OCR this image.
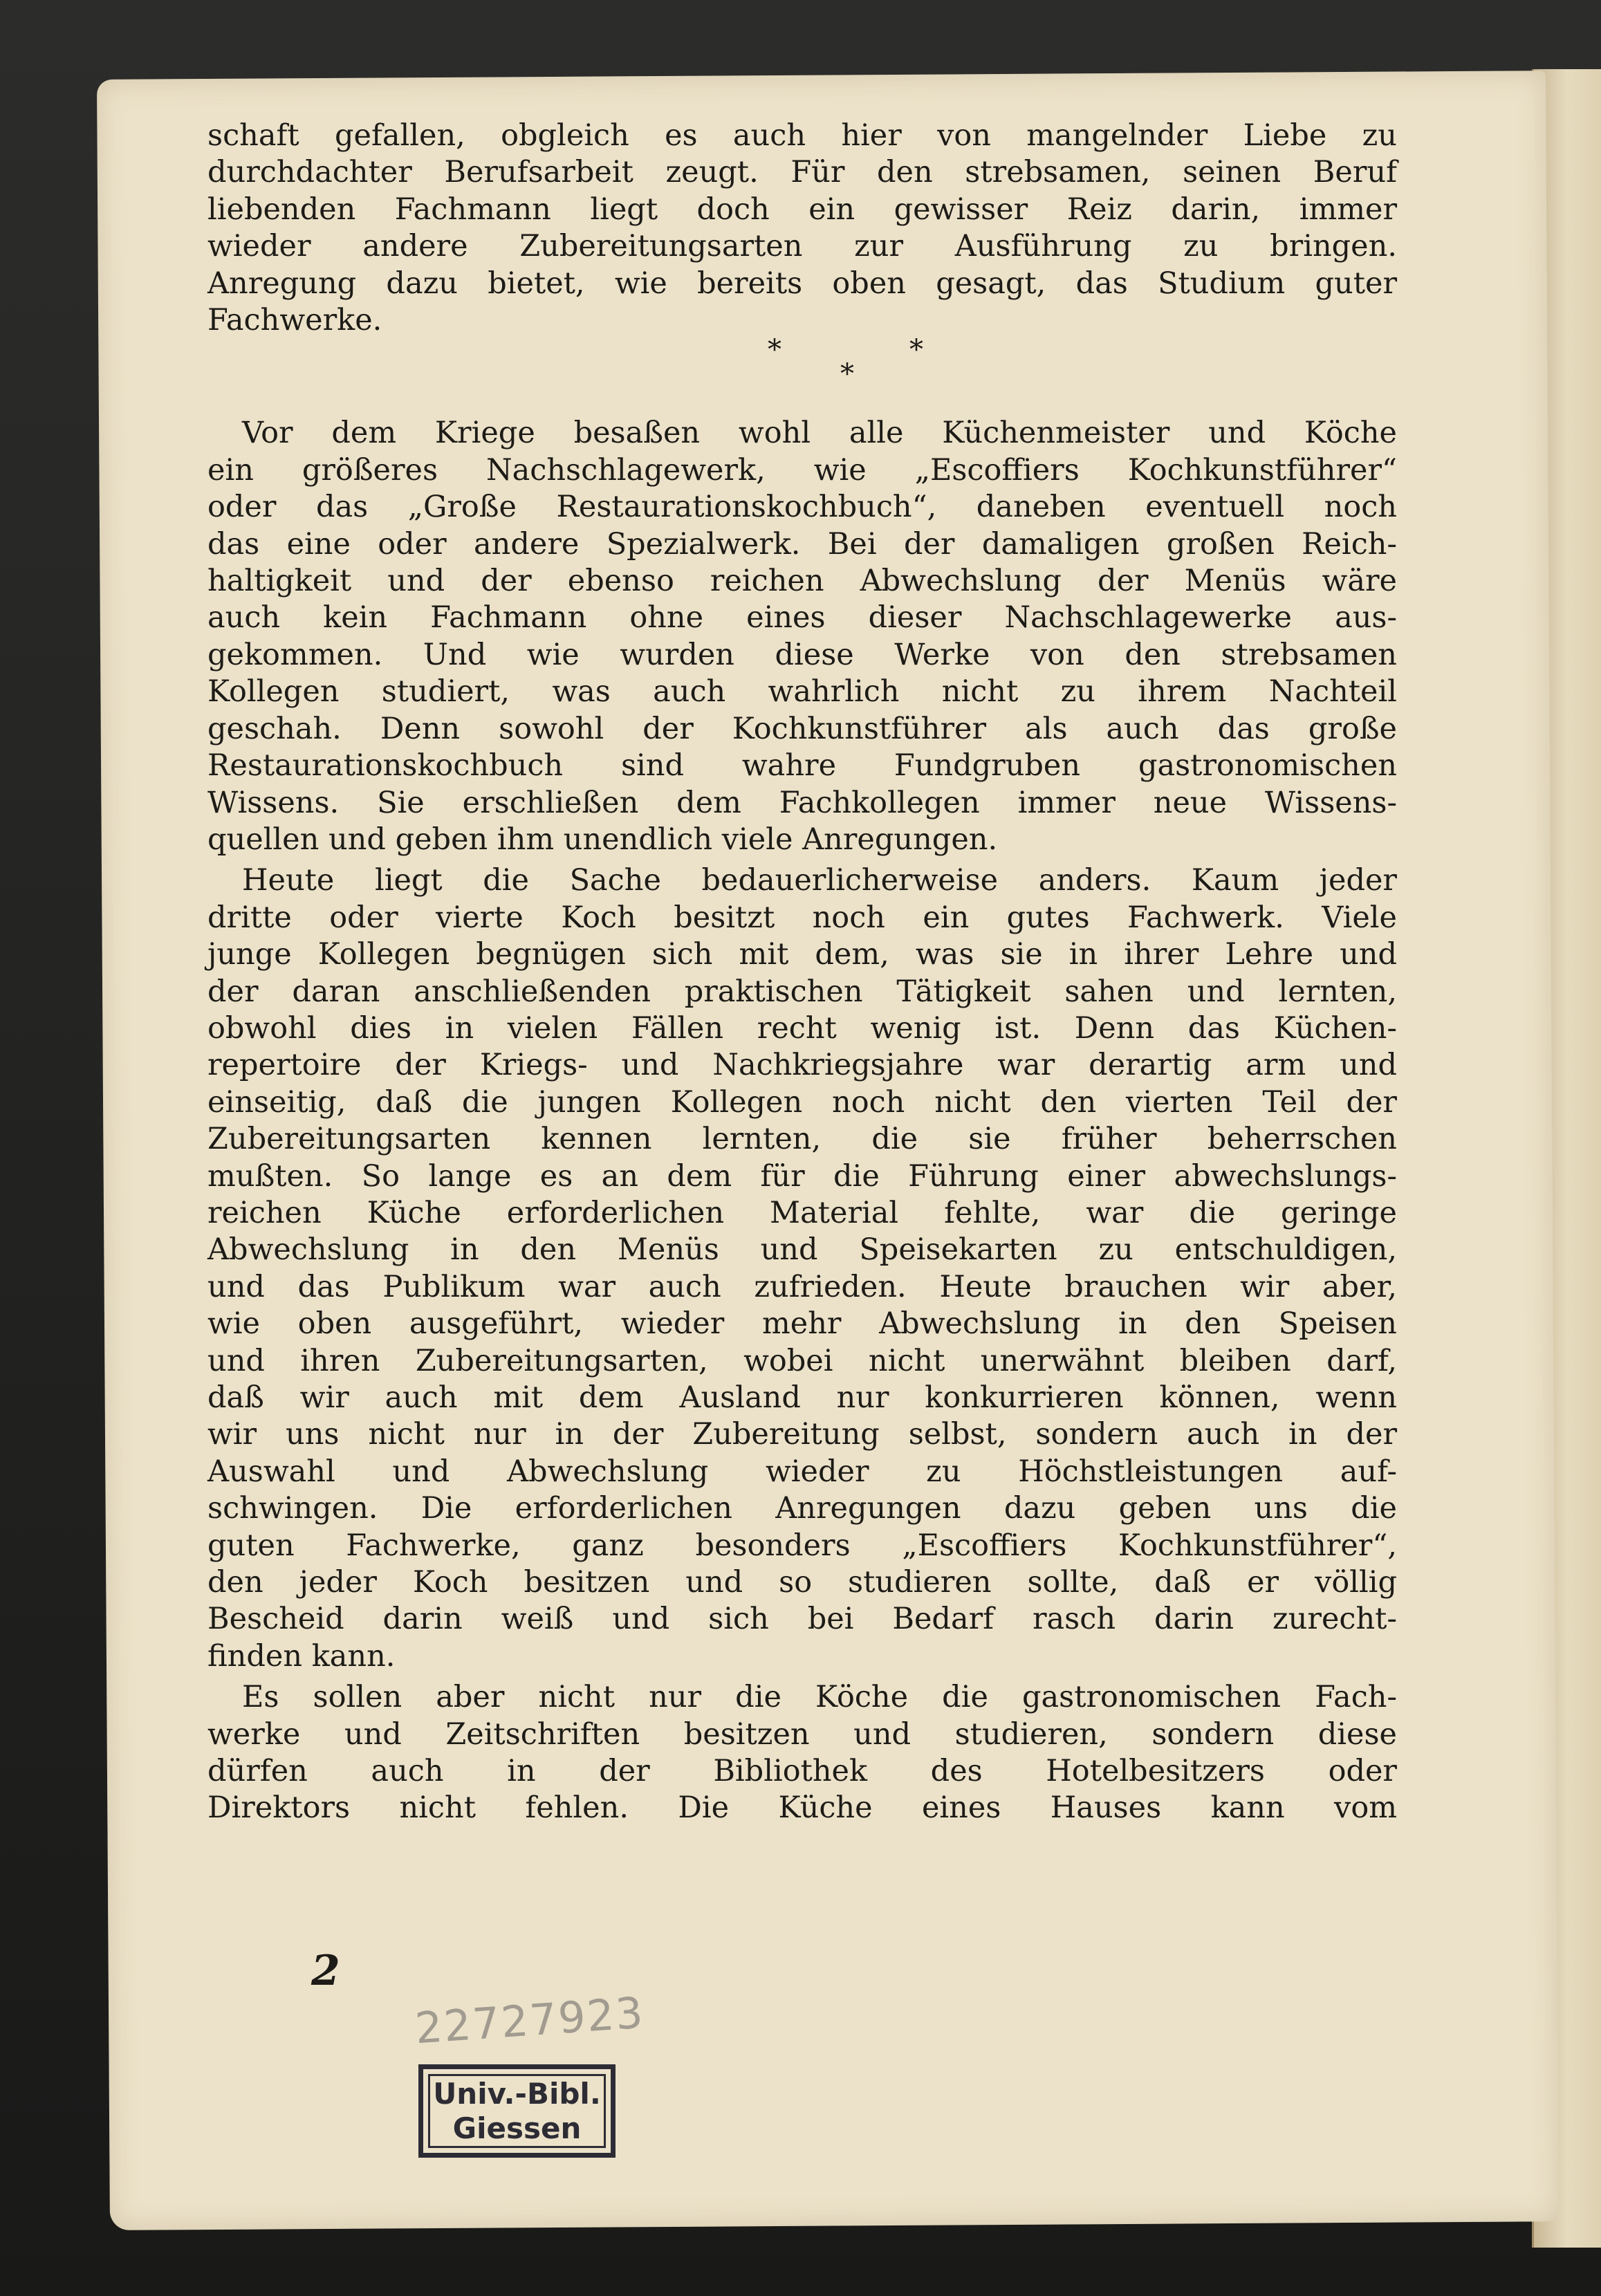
schaft gefallen, obgleich es auch hier von mangelnder Liebe zu
durchdachter Berufsarbeit zeugt. Für den strebsamen, seinen Beruf
liebenden Fachmann liegt doch ein gewisser Reiz darin, immer
wieder andere Zubereitungsarten zur Ausführung zu bringen.
Anregung dazu bietet, wie bereits oben gesagt, das Studium guter
Fachwerke.
*
*
*
Vor dem Kriege besaßen wohl alle Küchenmeister und Köche
ein größeres Nachschlagewerk, wie „Escoffiers Kochkunstführer“
oder das „Große Restaurationskochbuch“, daneben eventuell noch
das eine oder andere Spezialwerk. Bei der damaligen großen Reich-
haltigkeit und der ebenso reichen Abwechslung der Menüs wäre
auch kein Fachmann ohne eines dieser Nachschlagewerke aus-
gekommen. Und wie wurden diese Werke von den strebsamen
Kollegen studiert, was auch wahrlich nicht zu ihrem Nachteil
geschah. Denn sowohl der Kochkunstführer als auch das große
Restaurationskochbuch sind wahre Fundgruben gastronomischen
Wissens. Sie erschließen dem Fachkollegen immer neue Wissens-
quellen und geben ihm unendlich viele Anregungen.
Heute liegt die Sache bedauerlicherweise anders. Kaum jeder
dritte oder vierte Koch besitzt noch ein gutes Fachwerk. Viele
junge Kollegen begnügen sich mit dem, was sie in ihrer Lehre und
der daran anschließenden praktischen Tätigkeit sahen und lernten,
obwohl dies in vielen Fällen recht wenig ist. Denn das Küchen-
repertoire der Kriegs- und Nachkriegsjahre war derartig arm und
einseitig, daß die jungen Kollegen noch nicht den vierten Teil der
Zubereitungsarten kennen lernten, die sie früher beherrschen
mußten. So lange es an dem für die Führung einer abwechslungs-
reichen Küche erforderlichen Material fehlte, war die geringe
Abwechslung in den Menüs und Speisekarten zu entschuldigen,
und das Publikum war auch zufrieden. Heute brauchen wir aber,
wie oben ausgeführt, wieder mehr Abwechslung in den Speisen
und ihren Zubereitungsarten, wobei nicht unerwähnt bleiben darf,
daß wir auch mit dem Ausland nur konkurrieren können, wenn
wir uns nicht nur in der Zubereitung selbst, sondern auch in der
Auswahl und Abwechslung wieder zu Höchstleistungen auf-
schwingen. Die erforderlichen Anregungen dazu geben uns die
guten Fachwerke, ganz besonders „Escoffiers Kochkunstführer“,
den jeder Koch besitzen und so studieren sollte, daß er völlig
Bescheid darin weiß und sich bei Bedarf rasch darin zurecht-
finden kann.
Es sollen aber nicht nur die Köche die gastronomischen Fach-
werke und Zeitschriften besitzen und studieren, sondern diese
dürfen auch in der Bibliothek des Hotelbesitzers oder
Direktors nicht fehlen. Die Küche eines Hauses kann vom
2
22727923
Univ.-Bibl.
Giessen
